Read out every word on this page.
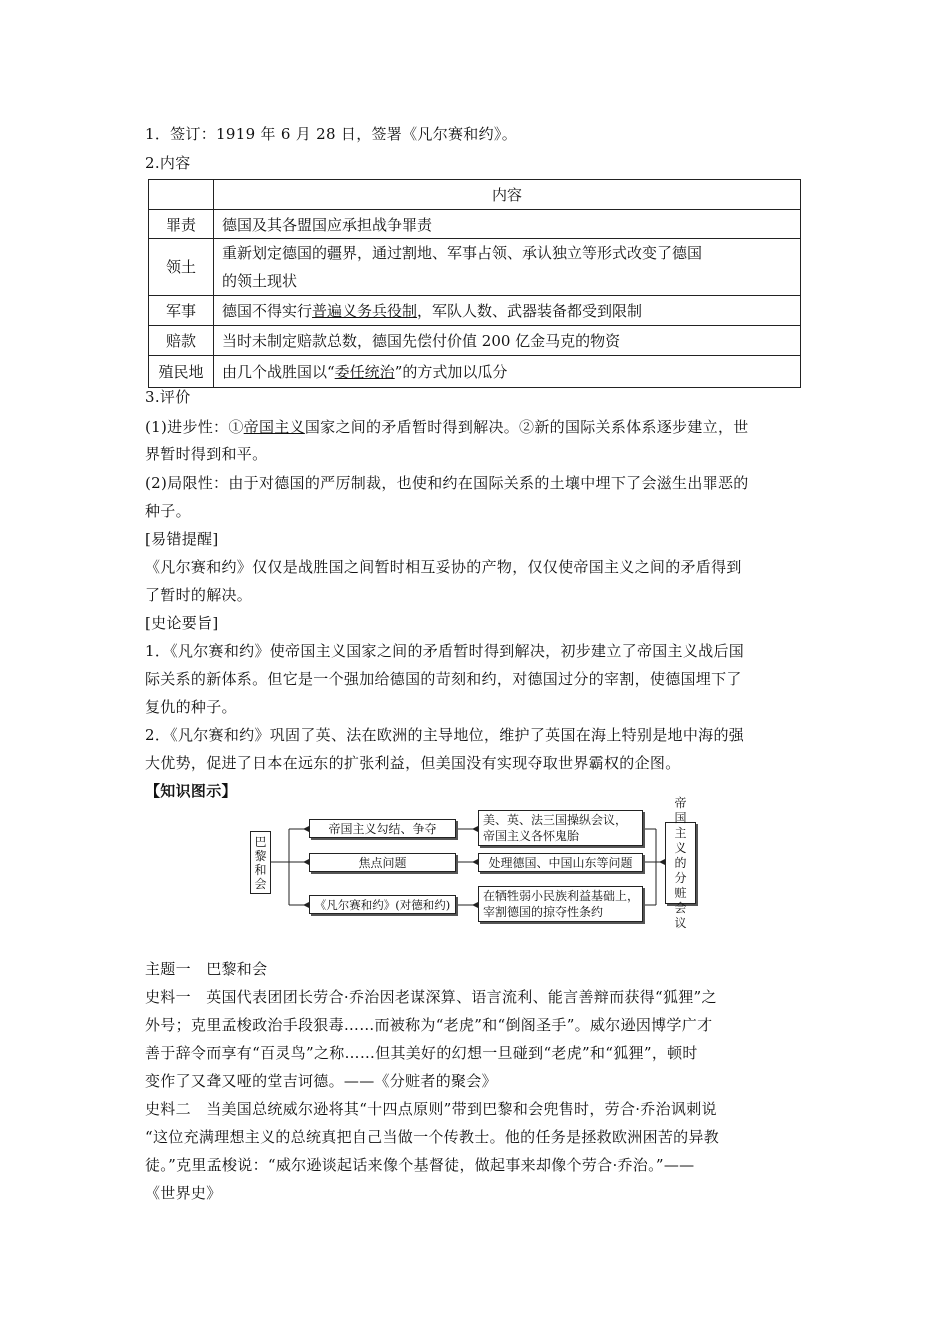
1．签订：1919 年 6 月 28 日，签署《凡尔赛和约》。
2.内容
	内容
罪责	德国及其各盟国应承担战争罪责
领土	重新划定德国的疆界，通过割地、军事占领、承认独立等形式改变了德国
的领土现状

军事	德国不得实行普遍义务兵役制，军队人数、武器装备都受到限制
赔款	当时未制定赔款总数，德国先偿付价值 200 亿金马克的物资
殖民地	由几个战胜国以“委任统治”的方式加以瓜分
3.评价
(1)进步性：①帝国主义国家之间的矛盾暂时得到解决。②新的国际关系体系逐步建立，世
界暂时得到和平。
(2)局限性：由于对德国的严厉制裁，也使和约在国际关系的土壤中埋下了会滋生出罪恶的
种子。
[易错提醒]
《凡尔赛和约》仅仅是战胜国之间暂时相互妥协的产物，仅仅使帝国主义之间的矛盾得到
了暂时的解决。
[史论要旨]
1．《凡尔赛和约》使帝国主义国家之间的矛盾暂时得到解决，初步建立了帝国主义战后国
际关系的新体系。但它是一个强加给德国的苛刻和约，对德国过分的宰割，使德国埋下了
复仇的种子。
2．《凡尔赛和约》巩固了英、法在欧洲的主导地位，维护了英国在海上特别是地中海的强
大优势，促进了日本在远东的扩张利益，但美国没有实现夺取世界霸权的企图。
【知识图示】
巴黎和会
帝国主义勾结、争夺
焦点问题
《凡尔赛和约》(对德和约)
美、英、法三国操纵会议，
帝国主义各怀鬼胎
处理德国、中国山东等问题
在牺牲弱小民族利益基础上，
宰割德国的掠夺性条约
帝国主义的分赃会议
主题一　巴黎和会
史料一　英国代表团团长劳合·乔治因老谋深算、语言流利、能言善辩而获得“狐狸”之
外号；克里孟梭政治手段狠毒……而被称为“老虎”和“倒阁圣手”。威尔逊因博学广才
善于辞令而享有“百灵鸟”之称……但其美好的幻想一旦碰到“老虎”和“狐狸”，顿时
变作了又聋又哑的堂吉诃德。——《分赃者的聚会》
史料二　当美国总统威尔逊将其“十四点原则”带到巴黎和会兜售时，劳合·乔治讽刺说
“这位充满理想主义的总统真把自己当做一个传教士。他的任务是拯救欧洲困苦的异教
徒。”克里孟梭说：“威尔逊谈起话来像个基督徒，做起事来却像个劳合·乔治。”——
《世界史》
